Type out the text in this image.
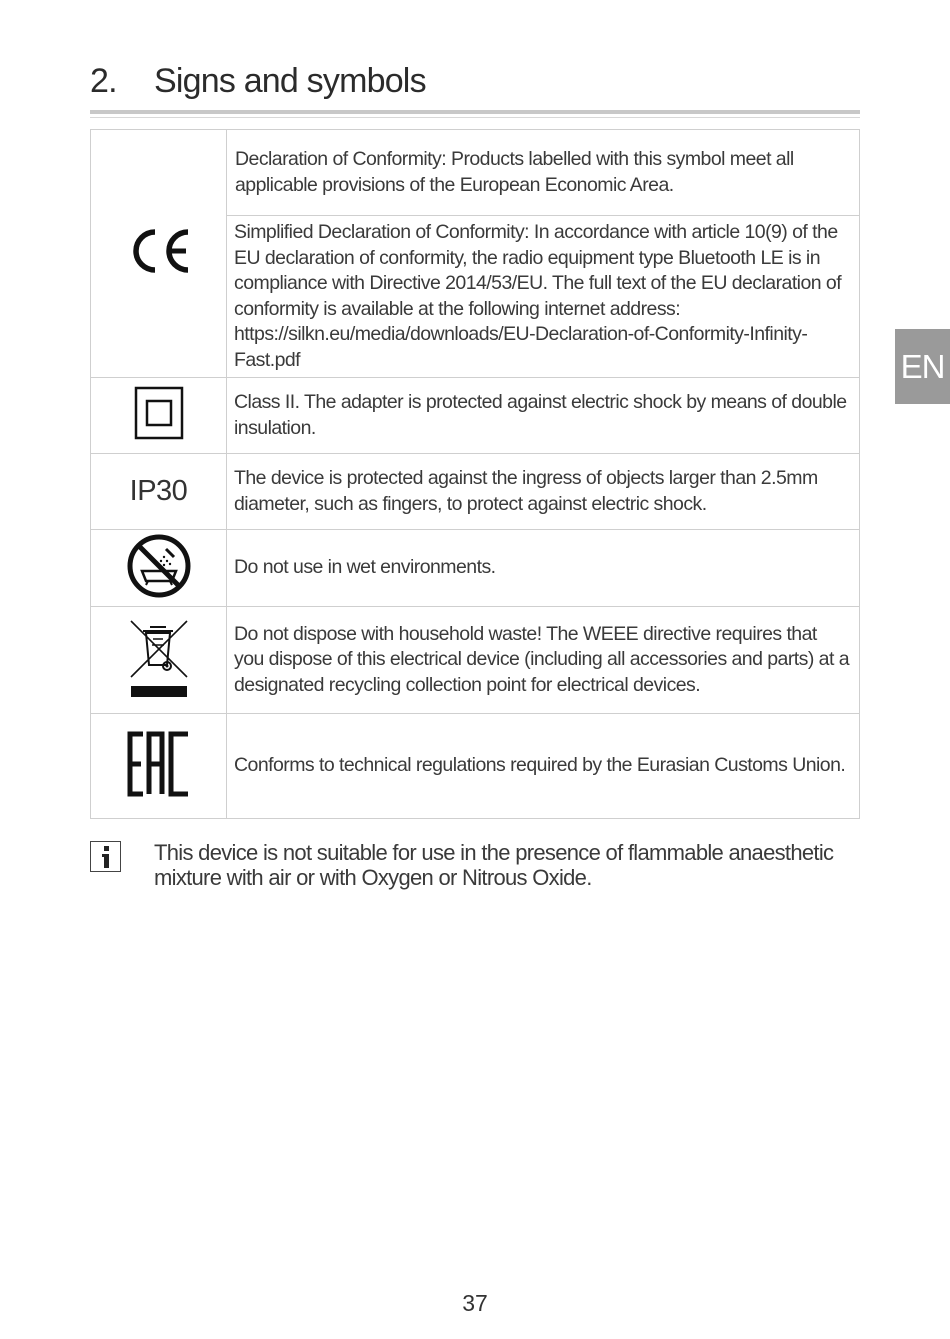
2.	Signs and symbols
	Declaration of Conformity: Products labelled with this symbol meet all applicable provisions of the European Economic Area.
	Simplified Declaration of Conformity: In accordance with article 10(9) of the EU declaration of conformity, the radio equipment type Bluetooth LE is in compliance with Directive 2014/53/EU. The full text of the EU declaration of conformity is available at the following internet address: https://silkn.eu/media/downloads/EU-Declaration-of-Conformity-Infinity-Fast.pdf
	Class II. The adapter is protected against electric shock by means of double insulation.
IP30	The device is protected against the ingress of objects larger than 2.5mm diameter, such as fingers, to protect against electric shock.
	Do not use in wet environments.
	Do not dispose with household waste! The WEEE directive requires that you dispose of this electrical device (including all accessories and parts) at a designated recycling collection point for electrical devices.
	Conforms to technical regulations required by the Eurasian Customs Union.
This device is not suitable for use in the presence of flammable anaesthetic mixture with air or with Oxygen or Nitrous Oxide.
EN
37
